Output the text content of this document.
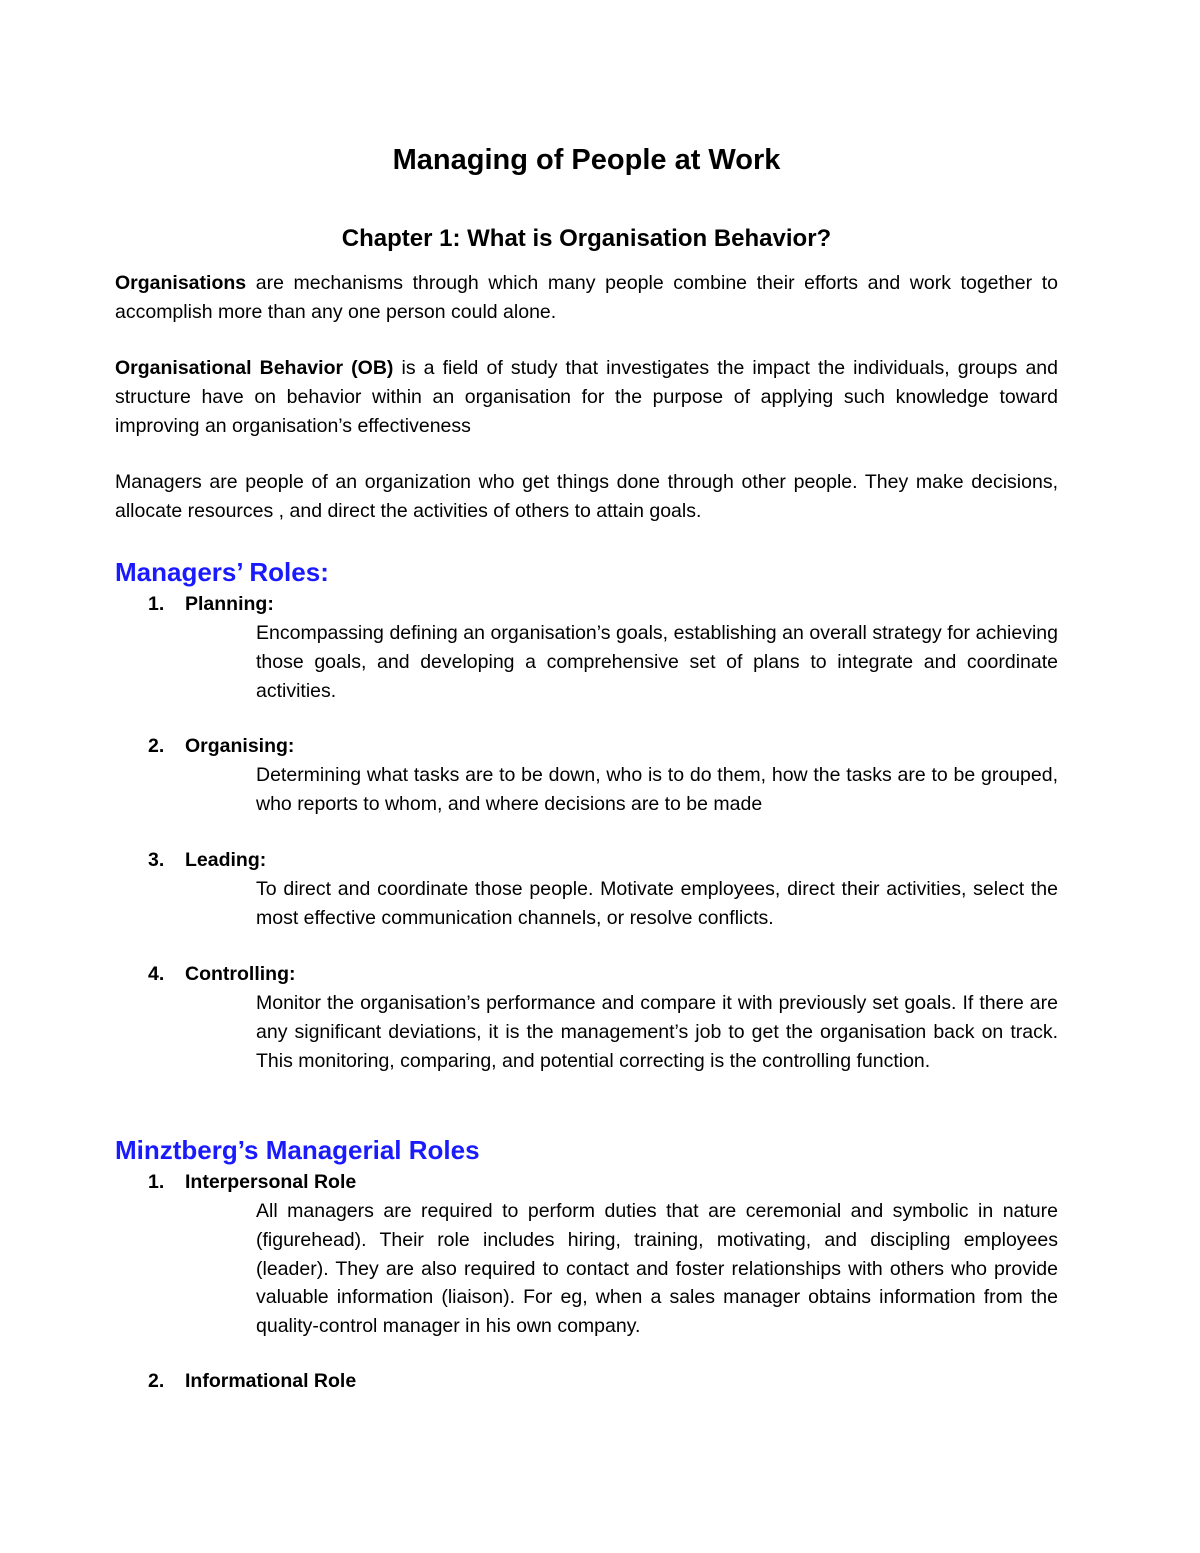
Managing of People at Work
Chapter 1: What is Organisation Behavior?

Organisations are mechanisms through which many people combine their efforts and work together to accomplish more than any one person could alone.

Organisational Behavior (OB) is a field of study that investigates the impact the individuals, groups and structure have on behavior within an organisation for the purpose of applying such knowledge toward improving an organisation’s effectiveness

Managers are people of an organization who get things done through other people. They make decisions, allocate resources , and direct the activities of others to attain goals.

Managers’ Roles:
1. Planning:
Encompassing defining an organisation’s goals, establishing an overall strategy for achieving those goals, and developing a comprehensive set of plans to integrate and coordinate activities.
2. Organising:
Determining what tasks are to be down, who is to do them, how the tasks are to be grouped, who reports to whom, and where decisions are to be made
3. Leading:
To direct and coordinate those people. Motivate employees, direct their activities, select the most effective communication channels, or resolve conflicts.
4. Controlling:
Monitor the organisation’s performance and compare it with previously set goals. If there are any significant deviations, it is the management’s job to get the organisation back on track. This monitoring, comparing, and potential correcting is the controlling function.
Minztberg’s Managerial Roles
1. Interpersonal Role
All managers are required to perform duties that are ceremonial and symbolic in nature (figurehead). Their role includes hiring, training, motivating, and discipling employees (leader). They are also required to contact and foster relationships with others who provide valuable information (liaison). For eg, when a sales manager obtains information from the quality-control manager in his own company.
2. Informational Role
